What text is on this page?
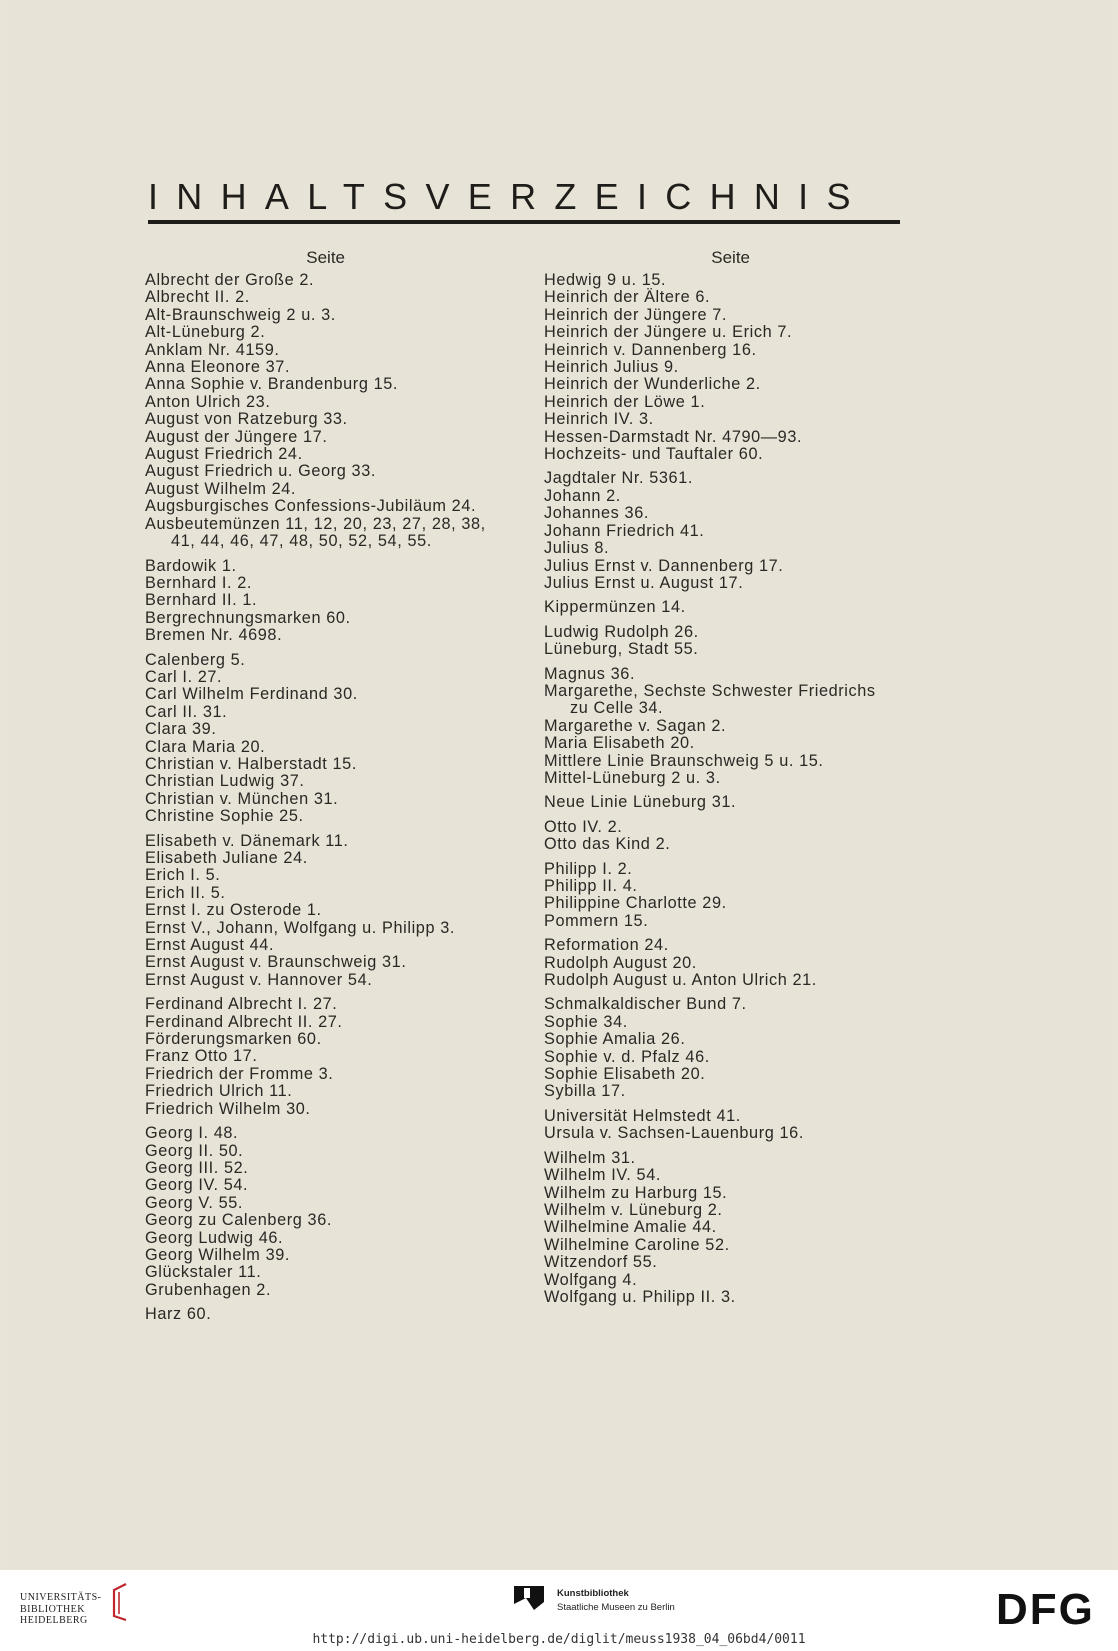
INHALTSVERZEICHNIS
Seite
Albrecht der Große 2.
Albrecht II. 2.
Alt-Braunschweig 2 u. 3.
Alt-Lüneburg 2.
Anklam Nr. 4159.
Anna Eleonore 37.
Anna Sophie v. Brandenburg 15.
Anton Ulrich 23.
August von Ratzeburg 33.
August der Jüngere 17.
August Friedrich 24.
August Friedrich u. Georg 33.
August Wilhelm 24.
Augsburgisches Confessions-Jubiläum 24.
Ausbeutemünzen 11, 12, 20, 23, 27, 28, 38,
41, 44, 46, 47, 48, 50, 52, 54, 55.
Bardowik 1.
Bernhard I. 2.
Bernhard II. 1.
Bergrechnungsmarken 60.
Bremen Nr. 4698.
Calenberg 5.
Carl I. 27.
Carl Wilhelm Ferdinand 30.
Carl II. 31.
Clara 39.
Clara Maria 20.
Christian v. Halberstadt 15.
Christian Ludwig 37.
Christian v. München 31.
Christine Sophie 25.
Elisabeth v. Dänemark 11.
Elisabeth Juliane 24.
Erich I. 5.
Erich II. 5.
Ernst I. zu Osterode 1.
Ernst V., Johann, Wolfgang u. Philipp 3.
Ernst August 44.
Ernst August v. Braunschweig 31.
Ernst August v. Hannover 54.
Ferdinand Albrecht I. 27.
Ferdinand Albrecht II. 27.
Förderungsmarken 60.
Franz Otto 17.
Friedrich der Fromme 3.
Friedrich Ulrich 11.
Friedrich Wilhelm 30.
Georg I. 48.
Georg II. 50.
Georg III. 52.
Georg IV. 54.
Georg V. 55.
Georg zu Calenberg 36.
Georg Ludwig 46.
Georg Wilhelm 39.
Glückstaler 11.
Grubenhagen 2.
Harz 60.
Seite
Hedwig 9 u. 15.
Heinrich der Ältere 6.
Heinrich der Jüngere 7.
Heinrich der Jüngere u. Erich 7.
Heinrich v. Dannenberg 16.
Heinrich Julius 9.
Heinrich der Wunderliche 2.
Heinrich der Löwe 1.
Heinrich IV. 3.
Hessen-Darmstadt Nr. 4790—93.
Hochzeits- und Tauftaler 60.
Jagdtaler Nr. 5361.
Johann 2.
Johannes 36.
Johann Friedrich 41.
Julius 8.
Julius Ernst v. Dannenberg 17.
Julius Ernst u. August 17.
Kippermünzen 14.
Ludwig Rudolph 26.
Lüneburg, Stadt 55.
Magnus 36.
Margarethe, Sechste Schwester Friedrichs
zu Celle 34.
Margarethe v. Sagan 2.
Maria Elisabeth 20.
Mittlere Linie Braunschweig 5 u. 15.
Mittel-Lüneburg 2 u. 3.
Neue Linie Lüneburg 31.
Otto IV. 2.
Otto das Kind 2.
Philipp I. 2.
Philipp II. 4.
Philippine Charlotte 29.
Pommern 15.
Reformation 24.
Rudolph August 20.
Rudolph August u. Anton Ulrich 21.
Schmalkaldischer Bund 7.
Sophie 34.
Sophie Amalia 26.
Sophie v. d. Pfalz 46.
Sophie Elisabeth 20.
Sybilla 17.
Universität Helmstedt 41.
Ursula v. Sachsen-Lauenburg 16.
Wilhelm 31.
Wilhelm IV. 54.
Wilhelm zu Harburg 15.
Wilhelm v. Lüneburg 2.
Wilhelmine Amalie 44.
Wilhelmine Caroline 52.
Witzendorf 55.
Wolfgang 4.
Wolfgang u. Philipp II. 3.
UNIVERSITÄTS-
BIBLIOTHEK
HEIDELBERG
Kunstbibliothek
Staatliche Museen zu Berlin	DFG
http://digi.ub.uni-heidelberg.de/diglit/meuss1938_04_06bd4/0011
